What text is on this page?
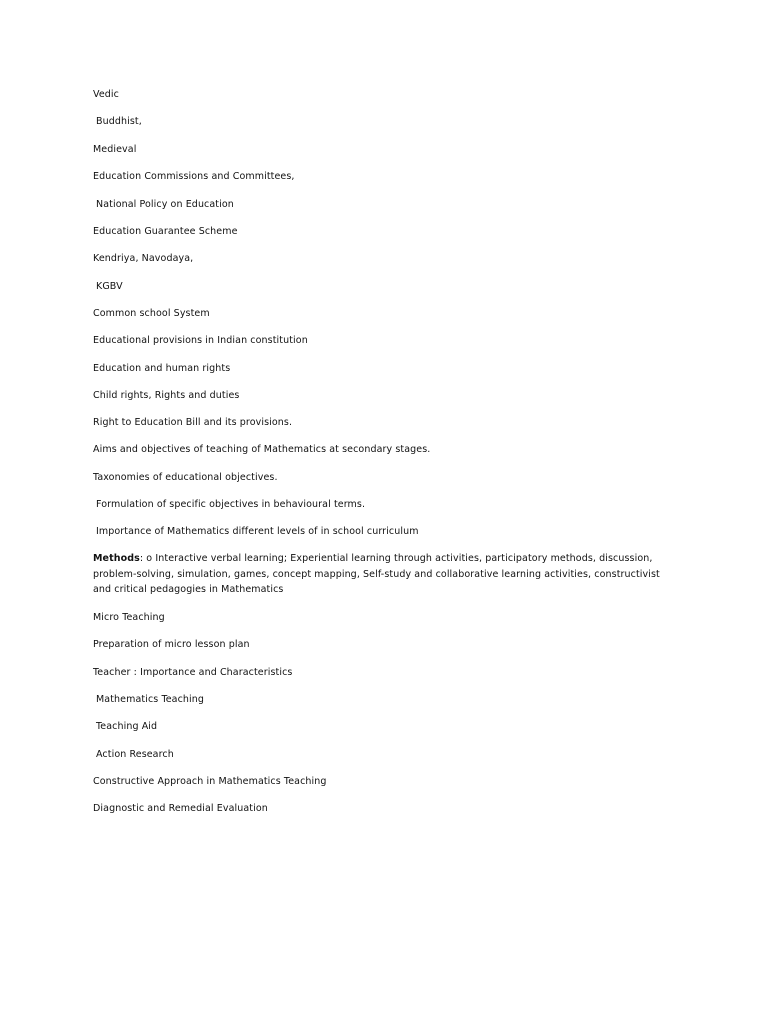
Vedic
Buddhist,
Medieval
Education Commissions and Committees,
National Policy on Education
Education Guarantee Scheme
Kendriya, Navodaya,
KGBV
Common school System
Educational provisions in Indian constitution
Education and human rights
Child rights, Rights and duties
Right to Education Bill and its provisions.
Aims and objectives of teaching of Mathematics at secondary stages.
Taxonomies of educational objectives.
Formulation of specific objectives in behavioural terms.
Importance of Mathematics different levels of in school curriculum
Methods: o Interactive verbal learning; Experiential learning through activities, participatory methods, discussion, problem-solving, simulation, games, concept mapping, Self-study and collaborative learning activities, constructivist and critical pedagogies in Mathematics
Micro Teaching
Preparation of micro lesson plan
Teacher : Importance and Characteristics
Mathematics Teaching
Teaching Aid
Action Research
Constructive Approach in Mathematics Teaching
Diagnostic and Remedial Evaluation
